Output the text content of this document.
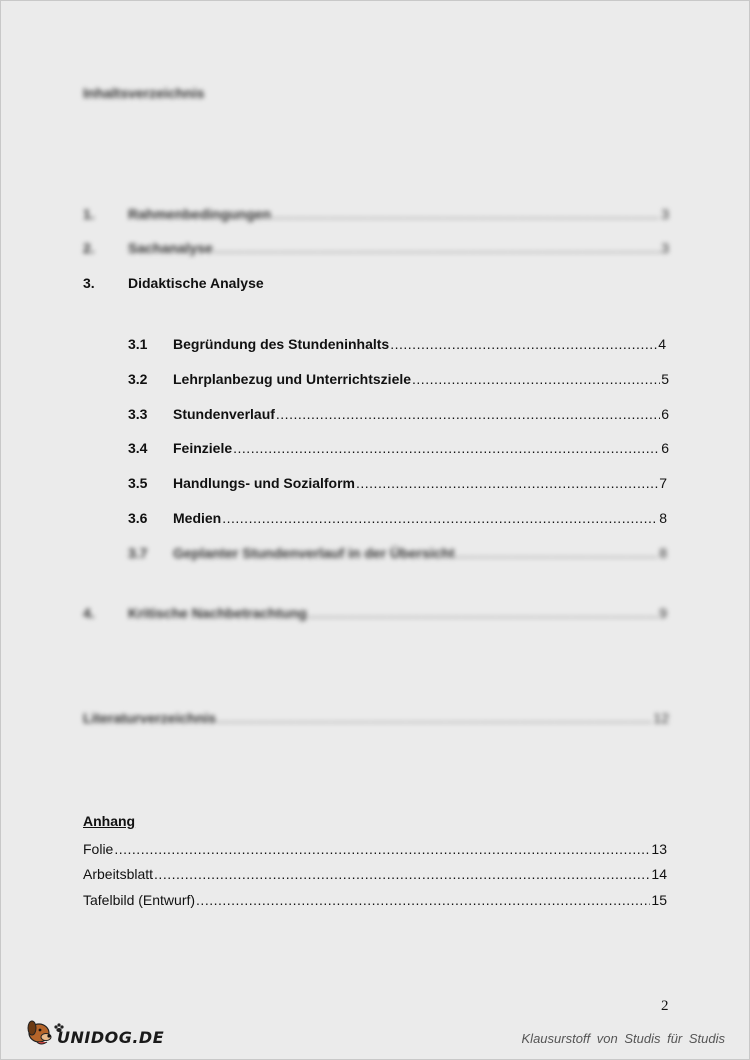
Inhaltsverzeichnis
1.	Rahmenbedingungen .....	3
2.	Sachanalyse .....	3
3.	Didaktische Analyse
3.1	Begründung des Stundeninhalts .....	4
3.2	Lehrplanbezug und Unterrichtsziele .....	5
3.3	Stundenverlauf .....	6
3.4	Feinziele .....	6
3.5	Handlungs- und Sozialform .....	7
3.6	Medien .....	8
3.7	Geplanter Stundenverlauf in der Übersicht .....	8
4.	Kritische Nachbetrachtung .....	9
Literaturverzeichnis .....	12
Anhang
Folie .....	13
Arbeitsblatt .....	14
Tafelbild (Entwurf) .....	15
2
UNIDOG.DE	Klausurstoff von Studis für Studis
